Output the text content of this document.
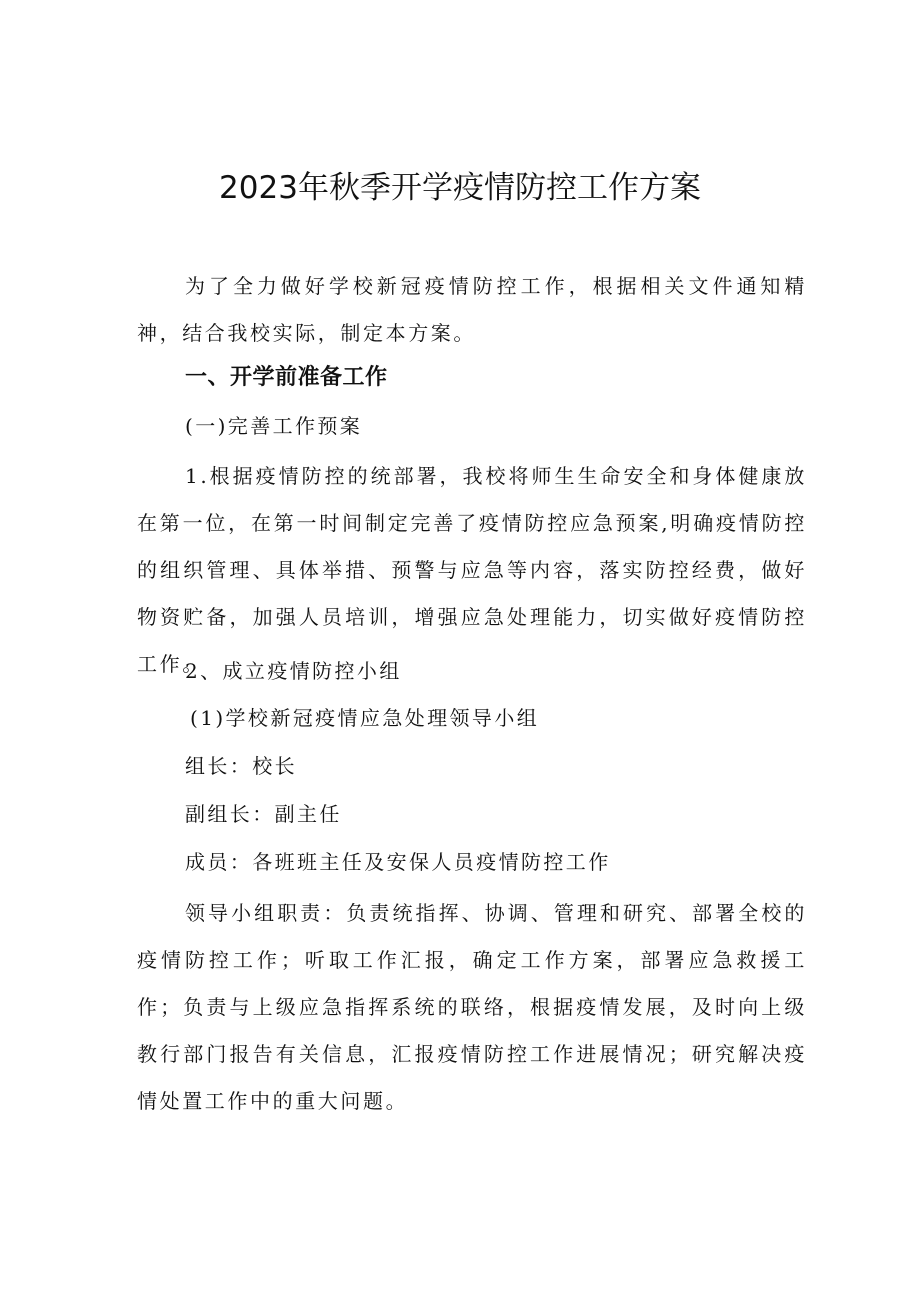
2023年秋季开学疫情防控工作方案

为了全力做好学校新冠疫情防控工作，根据相关文件通知精神，结合我校实际，制定本方案。

一、开学前准备工作
(一)完善工作预案

1.根据疫情防控的统部署，我校将师生生命安全和身体健康放在第一位，在第一时间制定完善了疫情防控应急预案,明确疫情防控的组织管理、具体举措、预警与应急等内容，落实防控经费，做好物资贮备，加强人员培训，增强应急处理能力，切实做好疫情防控工作。

2、成立疫情防控小组
(1)学校新冠疫情应急处理领导小组
组长：校长
副组长：副主任
成员：各班班主任及安保人员疫情防控工作

领导小组职责：负责统指挥、协调、管理和研究、部署全校的疫情防控工作；听取工作汇报，确定工作方案，部署应急救援工作；负责与上级应急指挥系统的联络，根据疫情发展，及时向上级教行部门报告有关信息，汇报疫情防控工作进展情况；研究解决疫情处置工作中的重大问题。
